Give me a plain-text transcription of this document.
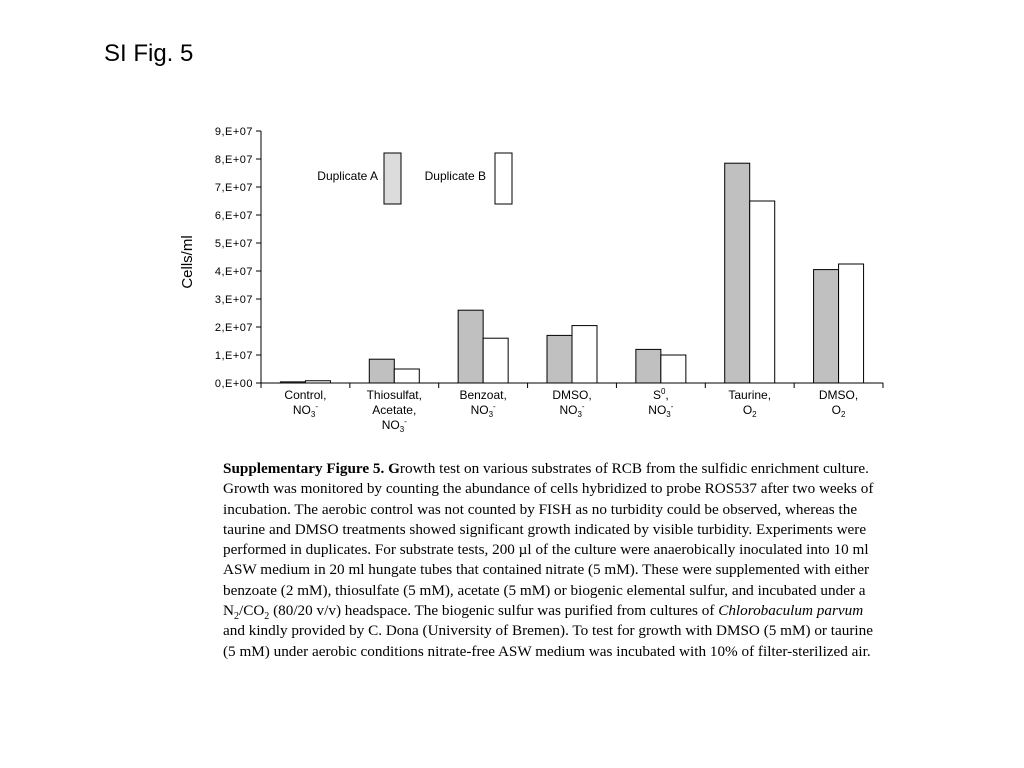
SI Fig. 5
0,E+00
1,E+07
2,E+07
3,E+07
4,E+07
5,E+07
6,E+07
7,E+07
8,E+07
9,E+07
Control,
$NO_3^-$
Thiosulfat,
Acetate,
$NO_3^-$
Benzoat,
$NO_3^-$
DMSO,
$NO_3^-$
$S^0$,
$NO_3^-$
Taurine,
$O_2$
DMSO,
$O_2$
Duplicate A	Duplicate B
Cells/ml

Supplementary Figure 5. Growth test on various substrates of RCB from the sulfidic enrichment culture. Growth was monitored by counting the abundance of cells hybridized to probe ROS537 after two weeks of incubation. The aerobic control was not counted by FISH as no turbidity could be observed, whereas the taurine and DMSO treatments showed significant growth indicated by visible turbidity. Experiments were performed in duplicates. For substrate tests, 200 µl of the culture were anaerobically inoculated into 10 ml ASW medium in 20 ml hungate tubes that contained nitrate (5 mM). These were supplemented with either benzoate (2 mM), thiosulfate (5 mM), acetate (5 mM) or biogenic elemental sulfur, and incubated under a $N_2/CO_2$ (80/20 v/v) headspace. The biogenic sulfur was purified from cultures of Chlorobaculum parvum and kindly provided by C. Dona (University of Bremen). To test for growth with DMSO (5 mM) or taurine (5 mM) under aerobic conditions nitrate-free ASW medium was incubated with 10% of filter-sterilized air.
